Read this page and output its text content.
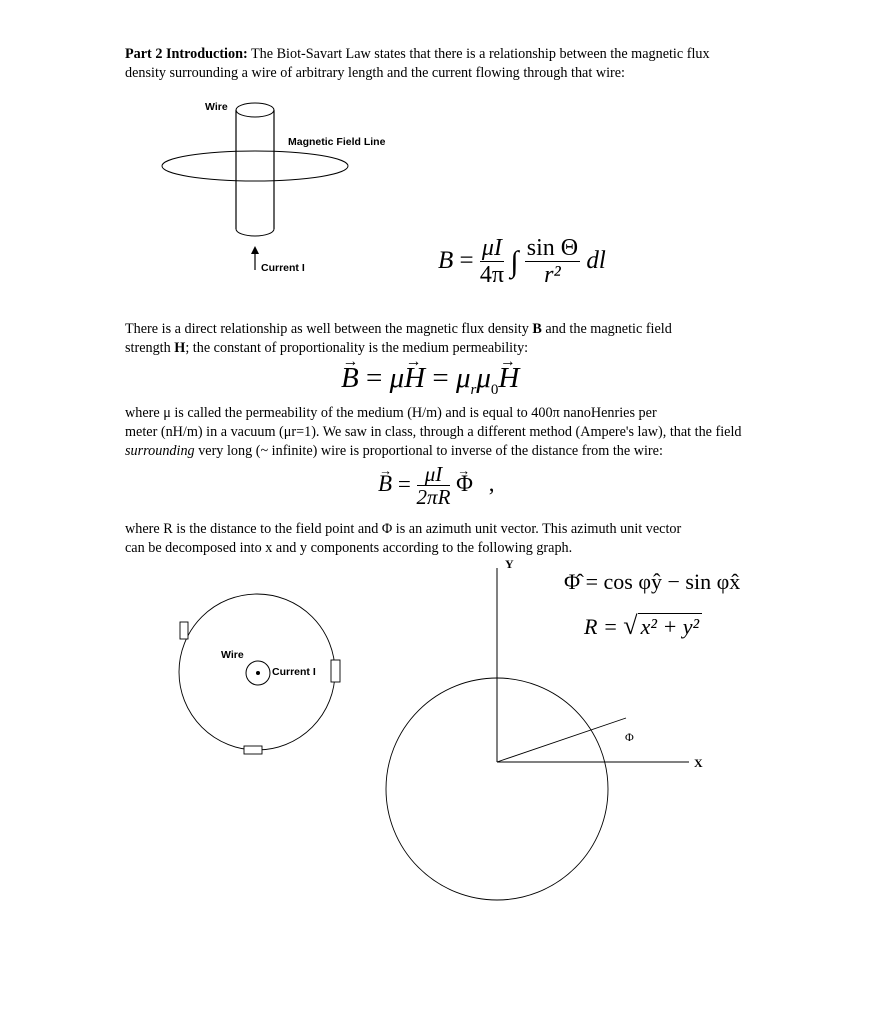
Part 2 Introduction: The Biot-Savart Law states that there is a relationship between the magnetic flux
density surrounding a wire of arbitrary length and the current flowing through that wire:
Wire
Magnetic Field Line
Current I	$B = \frac{\mu I}{4\pi}$ ∫ $\frac{\text{sin Θ}}{\text{r²}}$ dl
There is a direct relationship as well between the magnetic flux density B and the magnetic field
strength H; the constant of proportionality is the medium permeability:
→ $B = \mu\to H = \mu_r\mu_0\to H$
where μ is called the permeability of the medium (H/m) and is equal to 400π nanoHenries per
meter (nH/m) in a vacuum (μr=1). We saw in class, through a different method (Ampere's law), that the field
surrounding very long (~ infinite) wire is proportional to inverse of the distance from the wire:
→ $B = \frac{\mu I}{2\pi R}$
→ Φ ,
where R is the distance to the field point and Φ is an azimuth unit vector. This azimuth unit vector
can be decomposed into x and y components according to the following graph.
Wire
Current I
Y
X
Φ
Φ̂ = cos φŷ − sin φx̂
R = √ x² + y²
